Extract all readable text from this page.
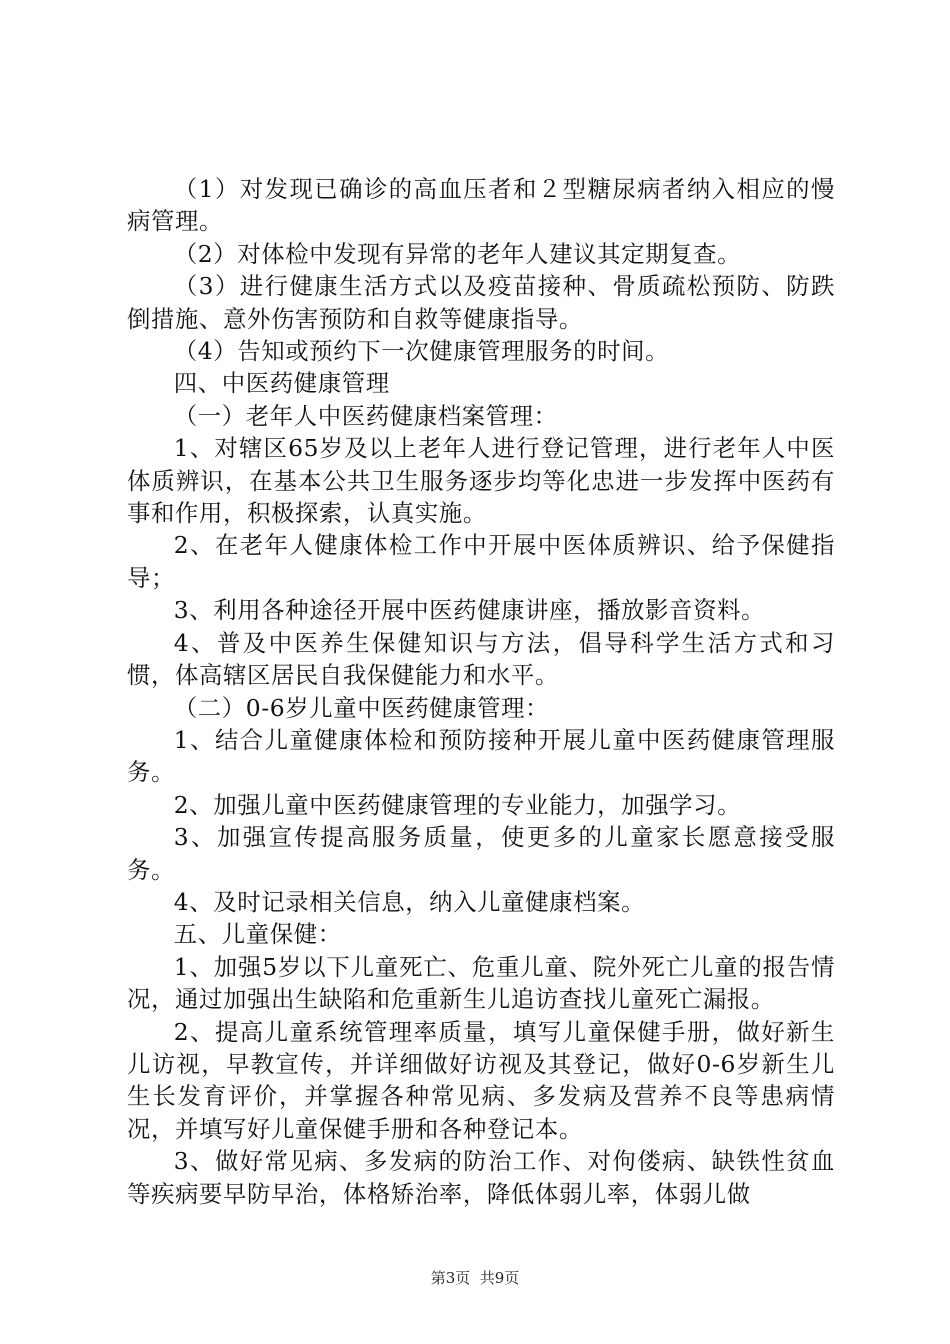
（1）对发现已确诊的高血压者和２型糖尿病者纳入相应的慢病管理。

（2）对体检中发现有异常的老年人建议其定期复查。

（3）进行健康生活方式以及疫苗接种、骨质疏松预防、防跌倒措施、意外伤害预防和自救等健康指导。

（4）告知或预约下一次健康管理服务的时间。

四、中医药健康管理

（一）老年人中医药健康档案管理：

1、对辖区65岁及以上老年人进行登记管理，进行老年人中医体质辨识，在基本公共卫生服务逐步均等化忠进一步发挥中医药有事和作用，积极探索，认真实施。

2、在老年人健康体检工作中开展中医体质辨识、给予保健指导；

3、利用各种途径开展中医药健康讲座，播放影音资料。

4、普及中医养生保健知识与方法，倡导科学生活方式和习惯，体高辖区居民自我保健能力和水平。

（二）0-6岁儿童中医药健康管理：

1、结合儿童健康体检和预防接种开展儿童中医药健康管理服务。

2、加强儿童中医药健康管理的专业能力，加强学习。

3、加强宣传提高服务质量，使更多的儿童家长愿意接受服务。

4、及时记录相关信息，纳入儿童健康档案。

五、儿童保健：

1、加强5岁以下儿童死亡、危重儿童、院外死亡儿童的报告情况，通过加强出生缺陷和危重新生儿追访查找儿童死亡漏报。

2、提高儿童系统管理率质量，填写儿童保健手册，做好新生儿访视，早教宣传，并详细做好访视及其登记，做好0-6岁新生儿生长发育评价，并掌握各种常见病、多发病及营养不良等患病情况，并填写好儿童保健手册和各种登记本。

3、做好常见病、多发病的防治工作、对佝偻病、缺铁性贫血等疾病要早防早治，体格矫治率，降低体弱儿率，体弱儿做

第3页  共9页
